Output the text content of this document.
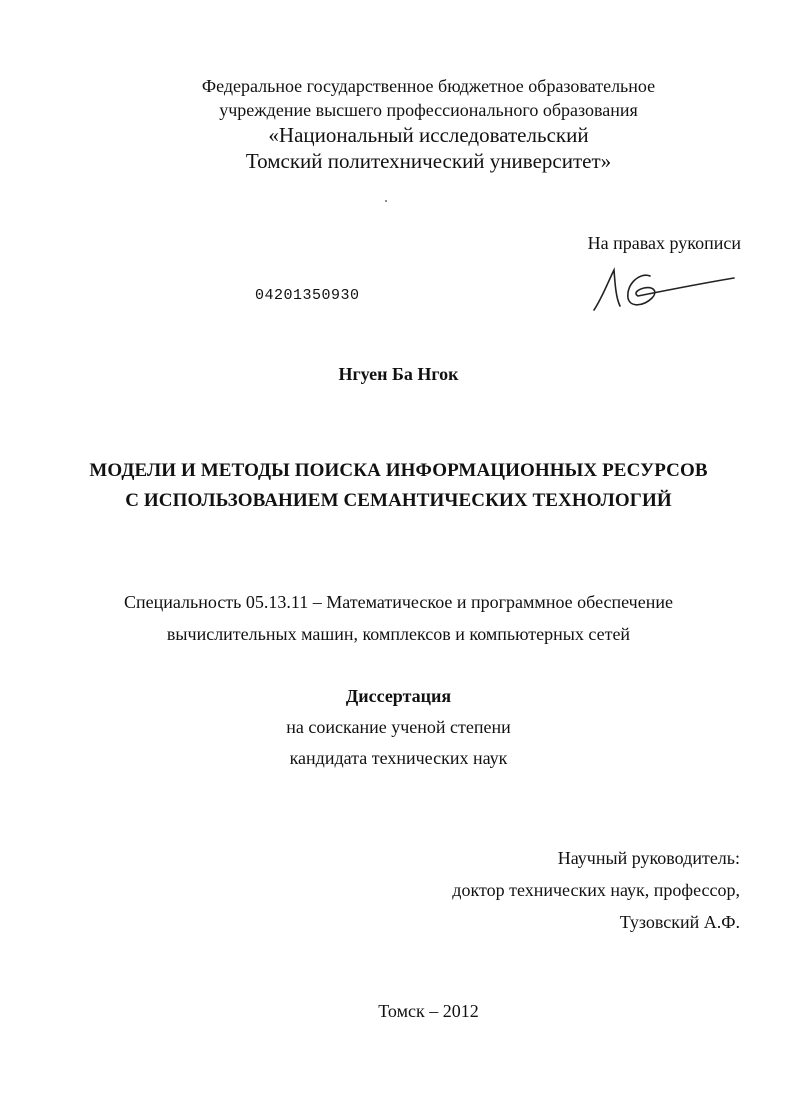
Федеральное государственное бюджетное образовательное
учреждение высшего профессионального образования
«Национальный исследовательский
Томский политехнический университет»
На правах рукописи
04201350930
Нгуен Ба Нгок
МОДЕЛИ И МЕТОДЫ ПОИСКА ИНФОРМАЦИОННЫХ РЕСУРСОВ
С ИСПОЛЬЗОВАНИЕМ СЕМАНТИЧЕСКИХ ТЕХНОЛОГИЙ
Специальность 05.13.11 – Математическое и программное обеспечение
вычислительных машин, комплексов и компьютерных сетей
Диссертация
на соискание ученой степени
кандидата технических наук
Научный руководитель:
доктор технических наук, профессор,
Тузовский А.Ф.
Томск – 2012
